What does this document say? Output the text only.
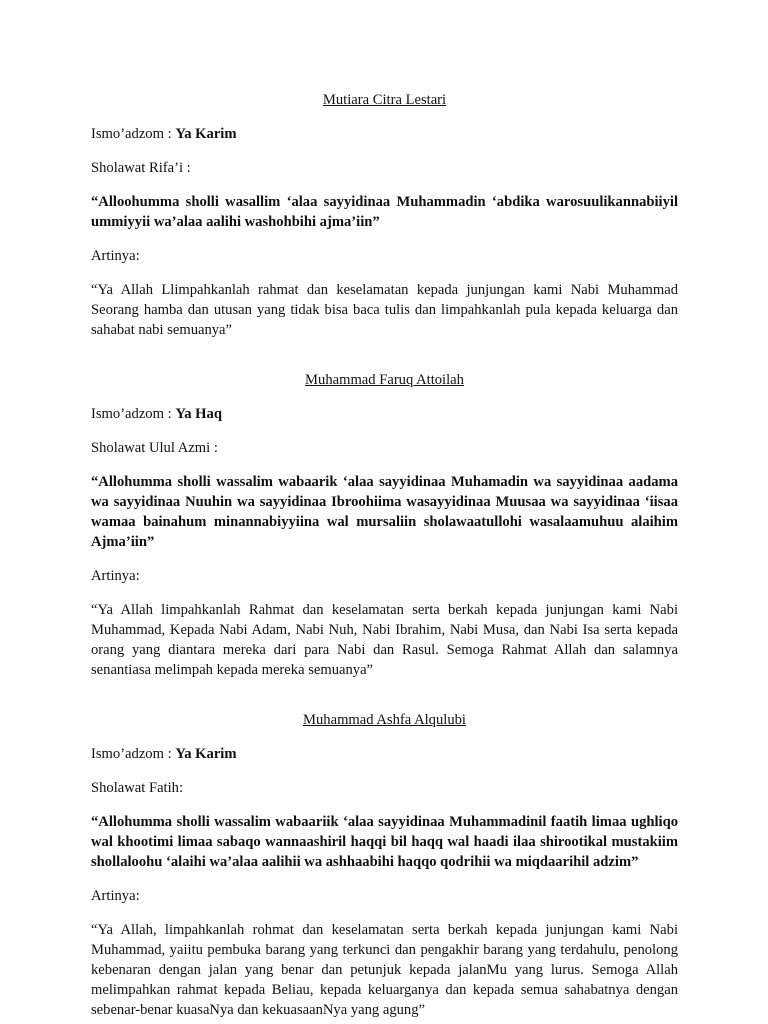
Mutiara Citra Lestari
Ismo’adzom : Ya Karim
Sholawat Rifa’i :
“Alloohumma sholli wasallim ‘alaa sayyidinaa Muhammadin ‘abdika warosuulikannabiiyil ummiyyii wa’alaa aalihi washohbihi ajma’iin”
Artinya:
“Ya Allah Llimpahkanlah rahmat dan keselamatan kepada junjungan kami Nabi Muhammad Seorang hamba dan utusan yang tidak bisa baca tulis dan limpahkanlah pula kepada keluarga dan sahabat nabi semuanya”
Muhammad Faruq Attoilah
Ismo’adzom : Ya Haq
Sholawat Ulul Azmi :
“Allohumma sholli wassalim wabaarik ‘alaa sayyidinaa Muhamadin wa sayyidinaa aadama wa sayyidinaa Nuuhin wa sayyidinaa Ibroohiima wasayyidinaa Muusaa wa sayyidinaa ‘iisaa wamaa bainahum minannabiyyiina wal mursaliin sholawaatullohi wasalaamuhuu alaihim Ajma’iin”
Artinya:
“Ya Allah limpahkanlah Rahmat dan keselamatan serta berkah kepada junjungan kami Nabi Muhammad, Kepada Nabi Adam, Nabi Nuh, Nabi Ibrahim, Nabi Musa, dan Nabi Isa serta kepada orang yang diantara mereka dari para Nabi dan Rasul. Semoga Rahmat Allah dan salamnya senantiasa melimpah kepada mereka semuanya”
Muhammad Ashfa Alqulubi
Ismo’adzom : Ya Karim
Sholawat Fatih:
“Allohumma sholli wassalim wabaariik ‘alaa sayyidinaa Muhammadinil faatih limaa ughliqo wal khootimi limaa sabaqo wannaashiril haqqi bil haqq wal haadi ilaa shirootikal mustakiim shollaloohu ‘alaihi wa’alaa aalihii wa ashhaabihi haqqo qodrihii wa miqdaarihil adzim”
Artinya:
“Ya Allah, limpahkanlah rohmat dan keselamatan serta berkah kepada junjungan kami Nabi Muhammad, yaiitu pembuka barang yang terkunci dan pengakhir barang yang terdahulu, penolong kebenaran dengan jalan yang benar dan petunjuk kepada jalanMu yang lurus. Semoga Allah melimpahkan rahmat kepada Beliau, kepada keluarganya dan kepada semua sahabatnya dengan sebenar-benar kuasaNya dan kekuasaanNya yang agung”
